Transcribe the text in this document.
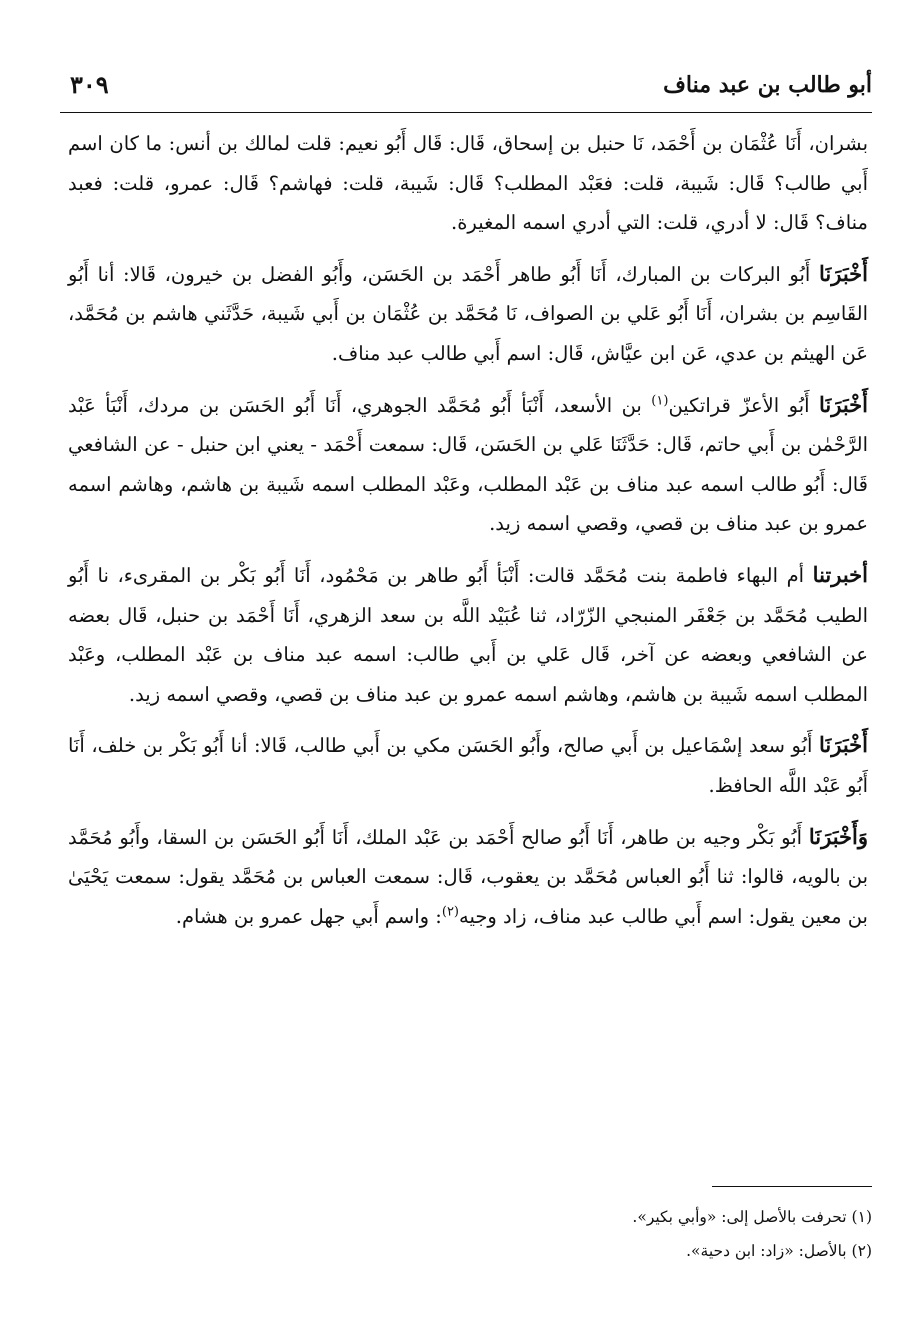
أبو طالب بن عبد مناف
٣٠٩

بشران، أَنَا عُثْمَان بن أَحْمَد، نَا حنبل بن إسحاق، قَال: قَال أَبُو نعيم: قلت لمالك بن أنس: ما كان اسم أَبي طالب؟ قَال: شَيبة، قلت: فعَبْد المطلب؟ قَال: شَيبة، قلت: فهاشم؟ قَال: عمرو، قلت: فعبد مناف؟ قَال: لا أدري، قلت: التي أدري اسمه المغيرة.

أَخْبَرَنَا أَبُو البركات بن المبارك، أَنَا أَبُو طاهر أَحْمَد بن الحَسَن، وأَبُو الفضل بن خيرون، قَالا: أنا أَبُو القَاسِم بن بشران، أَنَا أَبُو عَلي بن الصواف، نَا مُحَمَّد بن عُثْمَان بن أَبي شَيبة، حَدَّثَني هاشم بن مُحَمَّد، عَن الهيثم بن عدي، عَن ابن عيَّاش، قَال: اسم أَبي طالب عبد مناف.

أَخْبَرَنَا أَبُو الأعزّ قراتكين$^{(١)}$ بن الأسعد، أَنْبَأ أَبُو مُحَمَّد الجوهري، أَنَا أَبُو الحَسَن بن مردك، أَنْبَأ عَبْد الرَّحْمٰن بن أَبي حاتم، قَال: حَدَّثَنَا عَلي بن الحَسَن، قَال: سمعت أَحْمَد - يعني ابن حنبل - عن الشافعي قَال: أَبُو طالب اسمه عبد مناف بن عَبْد المطلب، وعَبْد المطلب اسمه شَيبة بن هاشم، وهاشم اسمه عمرو بن عبد مناف بن قصي، وقصي اسمه زيد.

أخبرتنا أم البهاء فاطمة بنت مُحَمَّد قالت: أَنْبَأ أَبُو طاهر بن مَحْمُود، أَنَا أَبُو بَكْر بن المقرىء، نا أَبُو الطيب مُحَمَّد بن جَعْفَر المنبجي الزّرّاد، ثنا عُبَيْد اللَّه بن سعد الزهري، أَنَا أَحْمَد بن حنبل، قَال بعضه عن الشافعي وبعضه عن آخر، قَال عَلي بن أَبي طالب: اسمه عبد مناف بن عَبْد المطلب، وعَبْد المطلب اسمه شَيبة بن هاشم، وهاشم اسمه عمرو بن عبد مناف بن قصي، وقصي اسمه زيد.

أَخْبَرَنَا أَبُو سعد إسْمَاعيل بن أَبي صالح، وأَبُو الحَسَن مكي بن أَبي طالب، قَالا: أنا أَبُو بَكْر بن خلف، أَنَا أَبُو عَبْد اللَّه الحافظ.

وَأَخْبَرَنَا أَبُو بَكْر وجيه بن طاهر، أَنَا أَبُو صالح أَحْمَد بن عَبْد الملك، أَنَا أَبُو الحَسَن بن السقا، وأَبُو مُحَمَّد بن بالويه، قالوا: ثنا أَبُو العباس مُحَمَّد بن يعقوب، قَال: سمعت العباس بن مُحَمَّد يقول: سمعت يَحْيَىٰ بن معين يقول: اسم أَبي طالب عبد مناف، زاد وجيه$^{(٢)}$: واسم أَبي جهل عمرو بن هشام.

(١) تحرفت بالأصل إلى: «وأبي بكير».

(٢) بالأصل: «زاد: ابن دحية».
